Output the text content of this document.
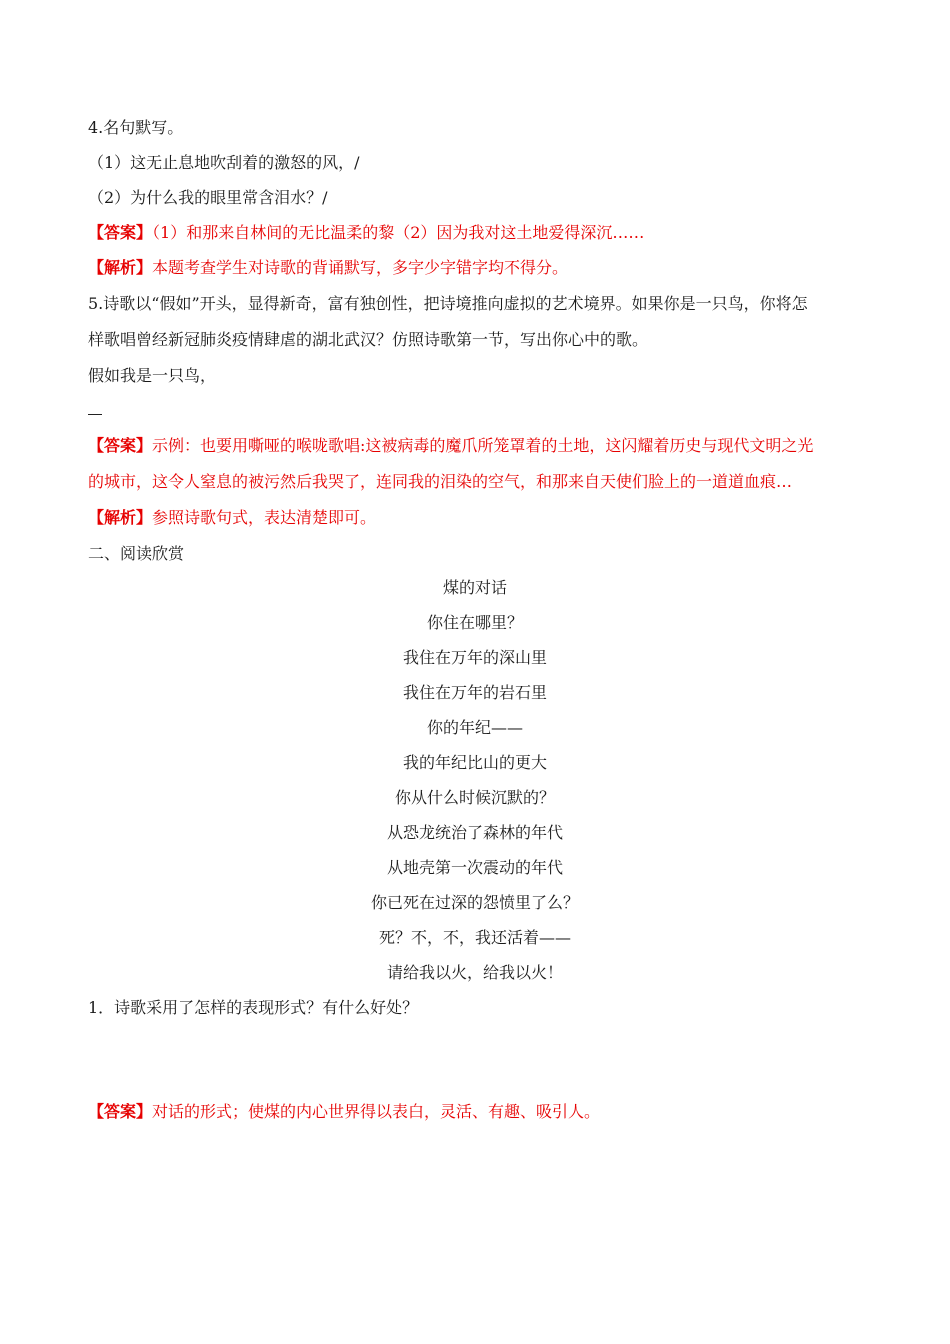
4.名句默写。
（1）这无止息地吹刮着的激怒的风，/
（2）为什么我的眼里常含泪水？/
【答案】（1）和那来自林间的无比温柔的黎（2）因为我对这土地爱得深沉……
【解析】本题考查学生对诗歌的背诵默写，多字少字错字均不得分。
5.诗歌以“假如”开头，显得新奇，富有独创性，把诗境推向虚拟的艺术境界。如果你是一只鸟，你将怎
样歌唱曾经新冠肺炎疫情肆虐的湖北武汉？仿照诗歌第一节，写出你心中的歌。
假如我是一只鸟，
【答案】示例：也要用嘶哑的喉咙歌唱:这被病毒的魔爪所笼罩着的土地，这闪耀着历史与现代文明之光
的城市，这令人窒息的被污然后我哭了，连同我的泪染的空气，和那来自天使们脸上的一道道血痕…
【解析】参照诗歌句式，表达清楚即可。
二、阅读欣赏
煤的对话
你住在哪里？
我住在万年的深山里
我住在万年的岩石里
你的年纪——
我的年纪比山的更大
你从什么时候沉默的？
从恐龙统治了森林的年代
从地壳第一次震动的年代
你已死在过深的怨愤里了么？
死？不，不，我还活着——
请给我以火，给我以火！
1．诗歌采用了怎样的表现形式？有什么好处？
【答案】对话的形式；使煤的内心世界得以表白，灵活、有趣、吸引人。
